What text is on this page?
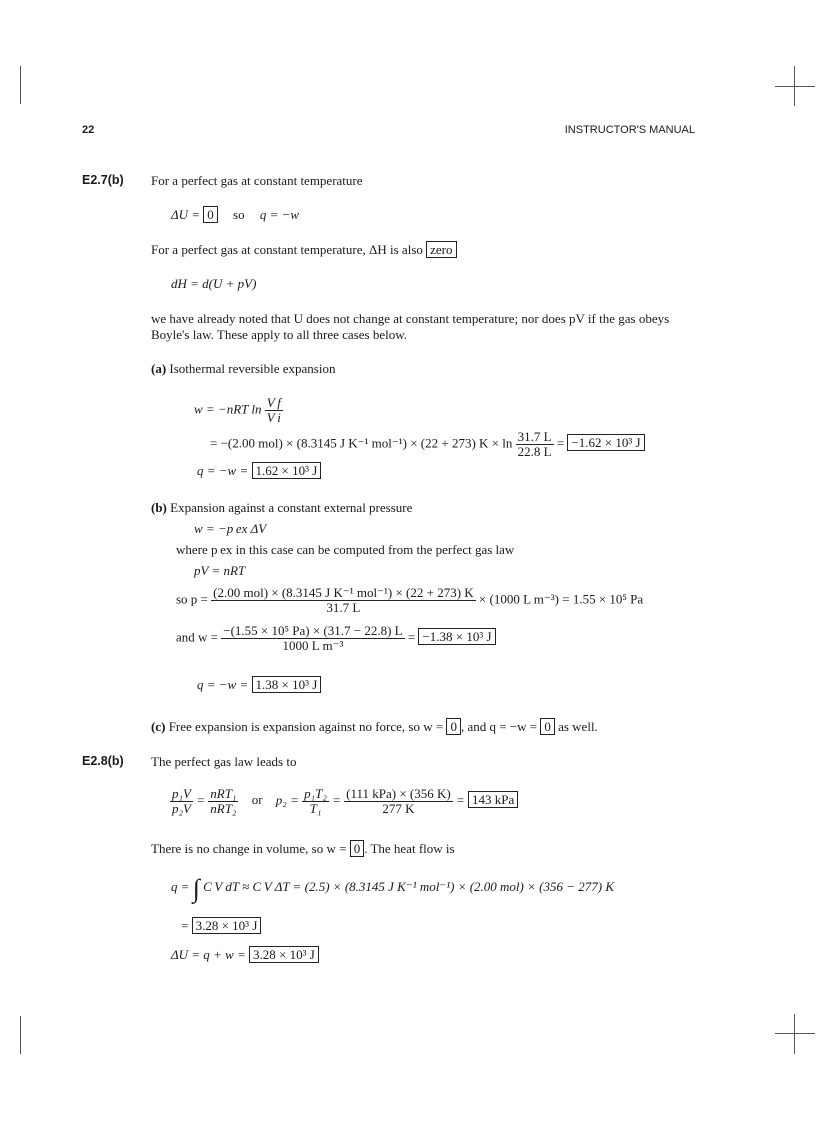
22	INSTRUCTOR'S MANUAL
E2.7(b) For a perfect gas at constant temperature
ΔU = 0 so q = −w
For a perfect gas at constant temperature, ΔH is also zero
dH = d(U + pV)
we have already noted that U does not change at constant temperature; nor does pV if the gas obeys
Boyle's law. These apply to all three cases below.
(a) Isothermal reversible expansion
w = −nRT $\ln \frac{\text{V f}}{\text{V i}}$
= −(2.00 mol) × (8.3145 J K⁻¹ mol⁻¹) × (22 + 273) $K \times \ln \frac{31.7 L}{22.8 L} = -1.62 \times 10^3$ J
q = −w = 1.62 × 10³ J
(b) Expansion against a constant external pressure
w = −p ex ΔV
where p ex in this case can be computed from the perfect gas law
pV = nRT
so $p = \frac{\text{(2.00 mol) × (8.3145 J K⁻¹ mol⁻¹) × (22 + 273) K}}{31.7 L} \times (1000$ L m⁻³) = 1.55 × 10⁵ Pa
and $w = \frac{\text{−(1.55 × 10⁵ Pa) × (31.7 − 22.8) L}}{\text{1000 L m⁻³}} = -1.38 \times 10^3$ J
q = −w = 1.38 × 10³ J
(c) Free expansion is expansion against no force, so w = 0 , and q = −w = 0 as well.
E2.8(b) The perfect gas law leads to
$\frac{\text{p₁V}}{\text{p₂V}} = \frac{\text{nRT₁}}{\text{nRT₂}}$ or $p_2 = \frac{\text{p₁T₂}}{\text{T₁}} = \frac{\text{(111 kPa) × (356 K)}}{277 K} = 143$ kPa
There is no change in volume, so w = 0 . The heat flow is
q = ∫ C V dT ≈ C V ΔT = (2.5) × (8.3145 J K⁻¹ mol⁻¹) × (2.00 mol) × (356 − 277) K
= 3.28 × 10³ J
ΔU = q + w = 3.28 × 10³ J
